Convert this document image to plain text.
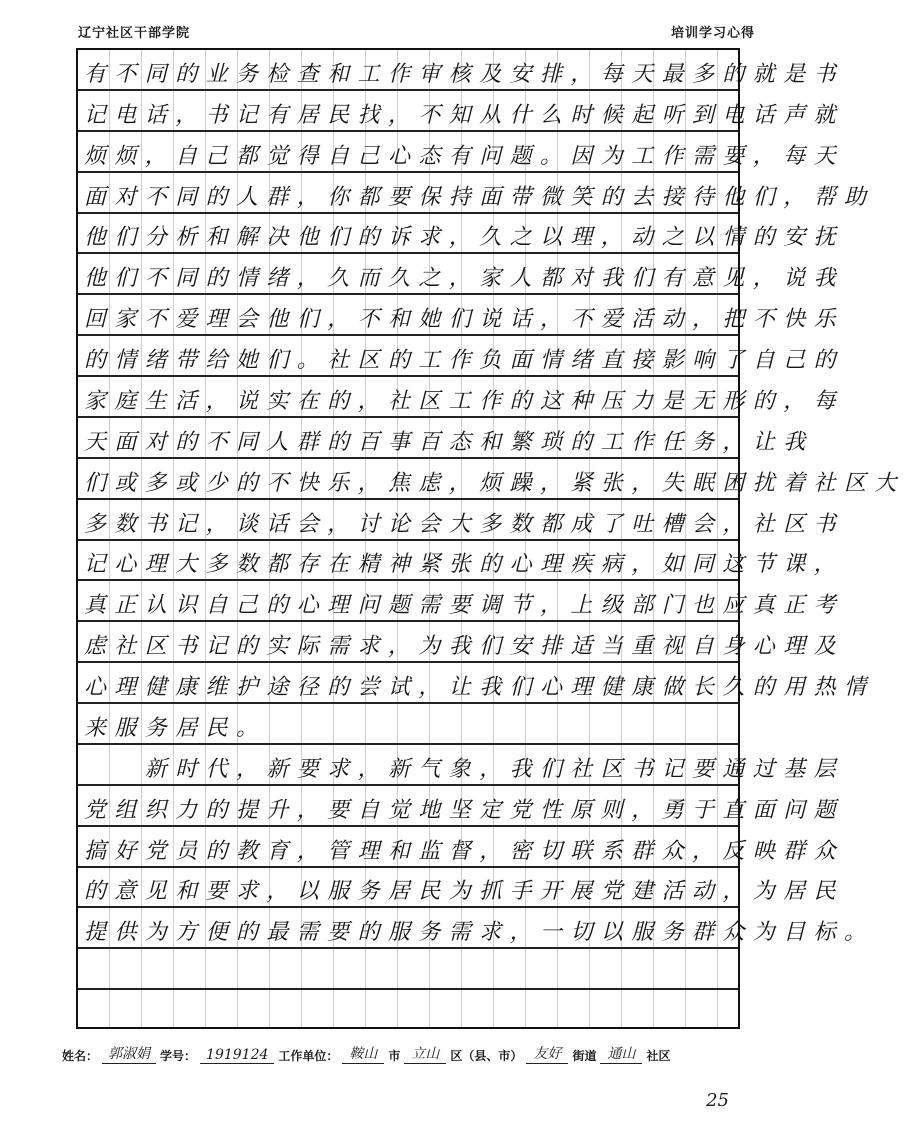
辽宁社区干部学院	培训学习心得
有不同的业务检查和工作审核及安排，每天最多的就是书
记电话，书记有居民找，不知从什么时候起听到电话声就
烦烦，自己都觉得自己心态有问题。因为工作需要，每天
面对不同的人群，你都要保持面带微笑的去接待他们，帮助
他们分析和解决他们的诉求，久之以理，动之以情的安抚
他们不同的情绪，久而久之，家人都对我们有意见，说我
回家不爱理会他们，不和她们说话，不爱活动，把不快乐
的情绪带给她们。社区的工作负面情绪直接影响了自己的
家庭生活，说实在的，社区工作的这种压力是无形的，每
天面对的不同人群的百事百态和繁琐的工作任务，让我
们或多或少的不快乐，焦虑，烦躁，紧张，失眠困扰着社区大
多数书记，谈话会，讨论会大多数都成了吐槽会，社区书
记心理大多数都存在精神紧张的心理疾病，如同这节课，
真正认识自己的心理问题需要调节，上级部门也应真正考
虑社区书记的实际需求，为我们安排适当重视自身心理及
心理健康维护途径的尝试，让我们心理健康做长久的用热情
来服务居民。
　　新时代，新要求，新气象，我们社区书记要通过基层
党组织力的提升，要自觉地坚定党性原则，勇于直面问题
搞好党员的教育，管理和监督，密切联系群众，反映群众
的意见和要求，以服务居民为抓手开展党建活动，为居民
提供为方便的最需要的服务需求，一切以服务群众为目标。
姓名： 郭淑娟 学号： 1919124 工作单位： 鞍山 市 立山 区（县、市） 友好 街道 通山 社区
25
